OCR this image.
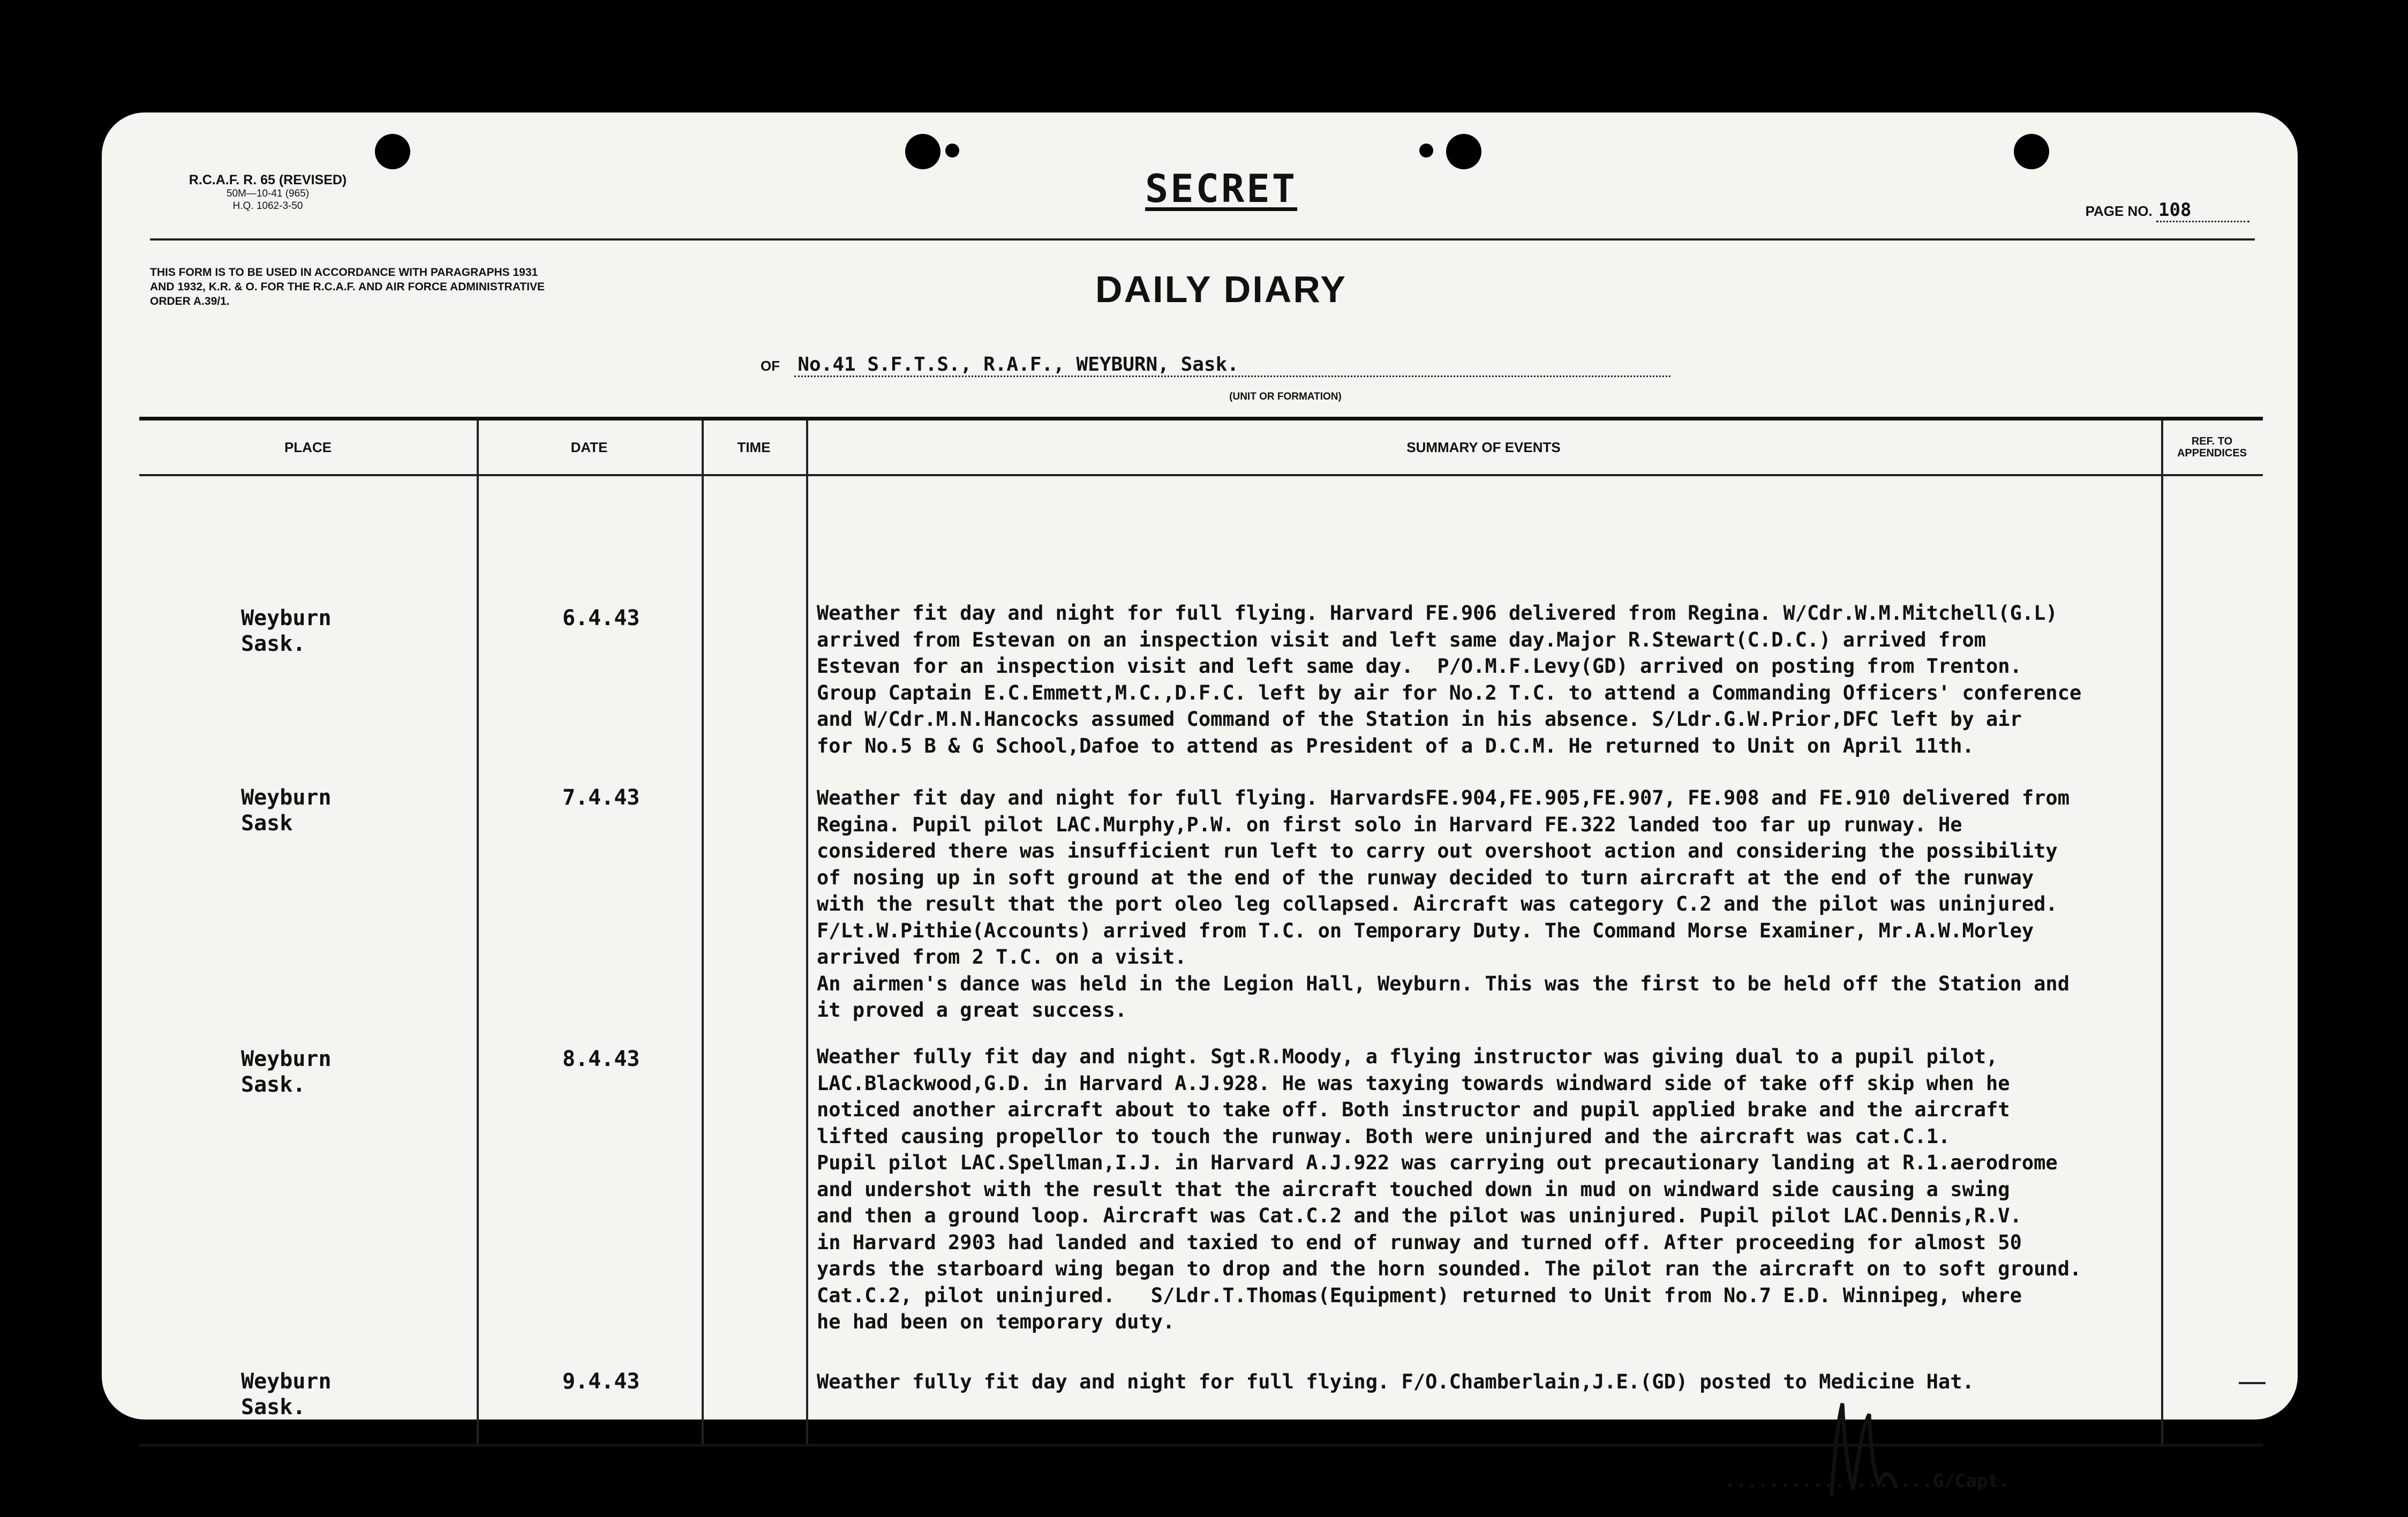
R.C.A.F. R. 65 (REVISED)
50M—10-41 (965)
H.Q. 1062-3-50	SECRET	PAGE NO. 108
THIS FORM IS TO BE USED IN ACCORDANCE WITH PARAGRAPHS 1931 AND 1932, K.R. & O. FOR THE R.C.A.F. AND AIR FORCE ADMINISTRATIVE ORDER A.39/1.	DAILY DIARY
OF No.41 S.F.T.S., R.A.F., WEYBURN, Sask.
(UNIT OR FORMATION)
PLACE	DATE	TIME	SUMMARY OF EVENTS	REF. TO
APPENDICES
Weyburn
Sask.
6.4.43	Weather fit day and night for full flying. Harvard FE.906 delivered from Regina. W/Cdr.W.M.Mitchell(G.L)
arrived from Estevan on an inspection visit and left same day.Major R.Stewart(C.D.C.) arrived from
Estevan for an inspection visit and left same day.  P/O.M.F.Levy(GD) arrived on posting from Trenton.
Group Captain E.C.Emmett,M.C.,D.F.C. left by air for No.2 T.C. to attend a Commanding Officers' conference
and W/Cdr.M.N.Hancocks assumed Command of the Station in his absence. S/Ldr.G.W.Prior,DFC left by air
for No.5 B & G School,Dafoe to attend as President of a D.C.M. He returned to Unit on April 11th.
Weyburn
Sask
7.4.43	Weather fit day and night for full flying. HarvardsFE.904,FE.905,FE.907, FE.908 and FE.910 delivered from
Regina. Pupil pilot LAC.Murphy,P.W. on first solo in Harvard FE.322 landed too far up runway. He
considered there was insufficient run left to carry out overshoot action and considering the possibility
of nosing up in soft ground at the end of the runway decided to turn aircraft at the end of the runway
with the result that the port oleo leg collapsed. Aircraft was category C.2 and the pilot was uninjured.
F/Lt.W.Pithie(Accounts) arrived from T.C. on Temporary Duty. The Command Morse Examiner, Mr.A.W.Morley
arrived from 2 T.C. on a visit.
An airmen's dance was held in the Legion Hall, Weyburn. This was the first to be held off the Station and
it proved a great success.
Weyburn
Sask.
8.4.43	Weather fully fit day and night. Sgt.R.Moody, a flying instructor was giving dual to a pupil pilot,
LAC.Blackwood,G.D. in Harvard A.J.928. He was taxying towards windward side of take off skip when he
noticed another aircraft about to take off. Both instructor and pupil applied brake and the aircraft
lifted causing propellor to touch the runway. Both were uninjured and the aircraft was cat.C.1.
Pupil pilot LAC.Spellman,I.J. in Harvard A.J.922 was carrying out precautionary landing at R.1.aerodrome
and undershot with the result that the aircraft touched down in mud on windward side causing a swing
and then a ground loop. Aircraft was Cat.C.2 and the pilot was uninjured. Pupil pilot LAC.Dennis,R.V.
in Harvard 2903 had landed and taxied to end of runway and turned off. After proceeding for almost 50
yards the starboard wing began to drop and the horn sounded. The pilot ran the aircraft on to soft ground.
Cat.C.2, pilot uninjured.   S/Ldr.T.Thomas(Equipment) returned to Unit from No.7 E.D. Winnipeg, where
he had been on temporary duty.
Weyburn
Sask.
9.4.43	Weather fully fit day and night for full flying. F/O.Chamberlain,J.E.(GD) posted to Medicine Hat.
........... .......G/Capt.
